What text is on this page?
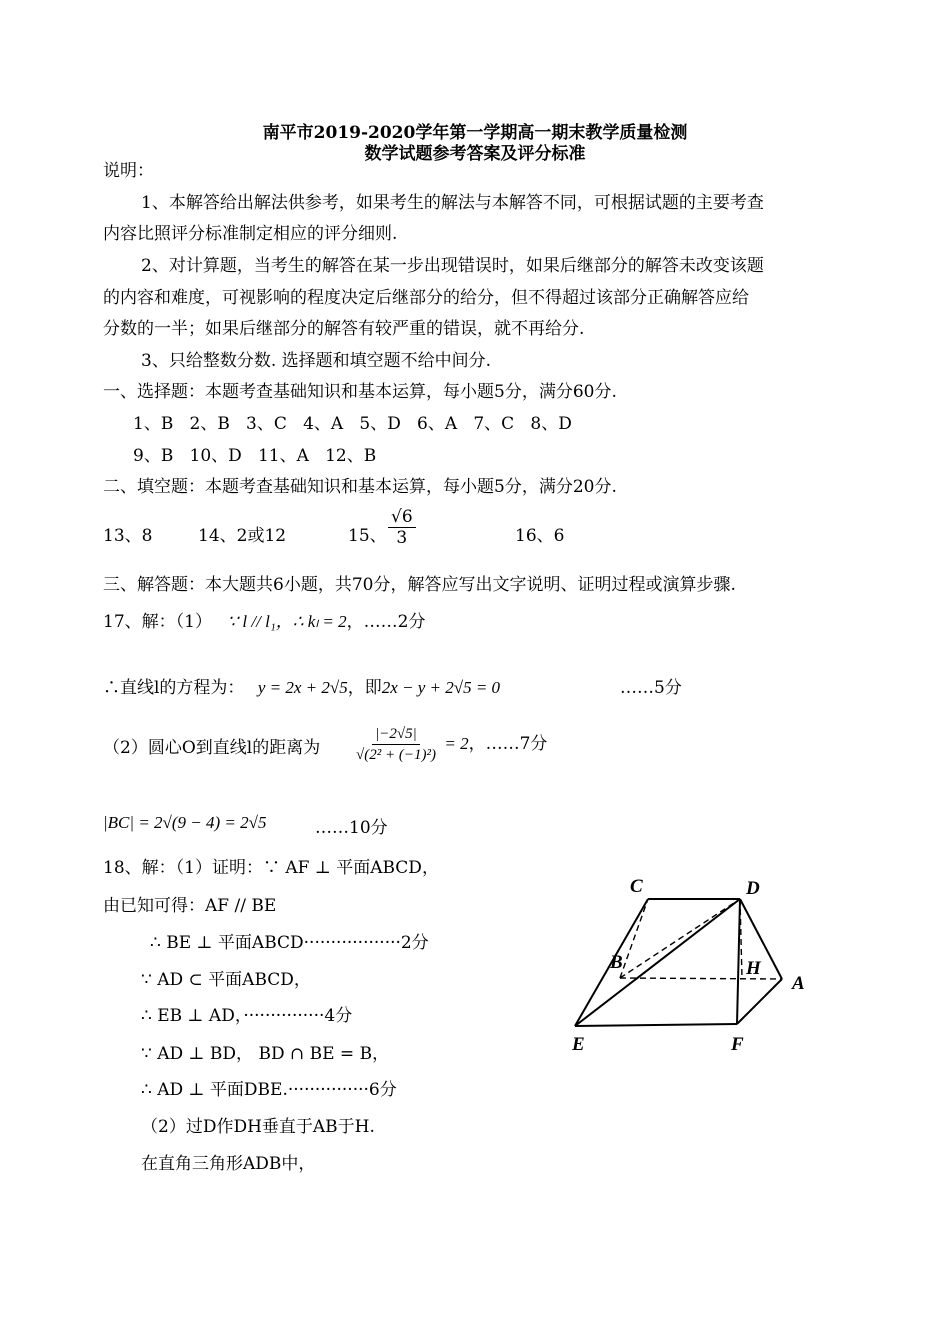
南平市2019-2020学年第一学期高一期末教学质量检测
数学试题参考答案及评分标准
说明：
1、本解答给出解法供参考，如果考生的解法与本解答不同，可根据试题的主要考查
内容比照评分标准制定相应的评分细则.
2、对计算题，当考生的解答在某一步出现错误时，如果后继部分的解答未改变该题
的内容和难度，可视影响的程度决定后继部分的给分，但不得超过该部分正确解答应给
分数的一半；如果后继部分的解答有较严重的错误，就不再给分.
3、只给整数分数. 选择题和填空题不给中间分.
一、选择题：本题考查基础知识和基本运算，每小题5分，满分60分.
1、B   2、B   3、C   4、A   5、D   6、A   7、C   8、D
9、B   10、D   11、A   12、B
二、填空题：本题考查基础知识和基本运算，每小题5分，满分20分.
13、8	14、2或12	15、 $\frac{√6}{3}$	16、6
三、解答题：本大题共6小题，共70分，解答应写出文字说明、证明过程或演算步骤.
17、解：（1） ∵ l // l₁，∴ kₗ = 2，……2分
∴直线l的方程为： y = 2x + 2√5，即2x − y + 2√5 = 0	……5分
（2）圆心O到直线l的距离为 $\frac{|-2√5|}{\text{√(2² + (−1)²)}} = 2$，……7分
|BC| = 2√(9 − 4) = 2√5	……10分
18、解：（1）证明：∵ AF ⊥ 平面ABCD，
由已知可得：AF // BE
∴ BE ⊥ 平面ABCD··················2分
∵ AD ⊂ 平面ABCD，
∴ EB ⊥ AD，···············4分
∵ AD ⊥ BD， BD ∩ BE = B，
∴ AD ⊥ 平面DBE.···············6分
（2）过D作DH垂直于AB于H.
在直角三角形ADB中，
C	D
B	H
A
E	F
